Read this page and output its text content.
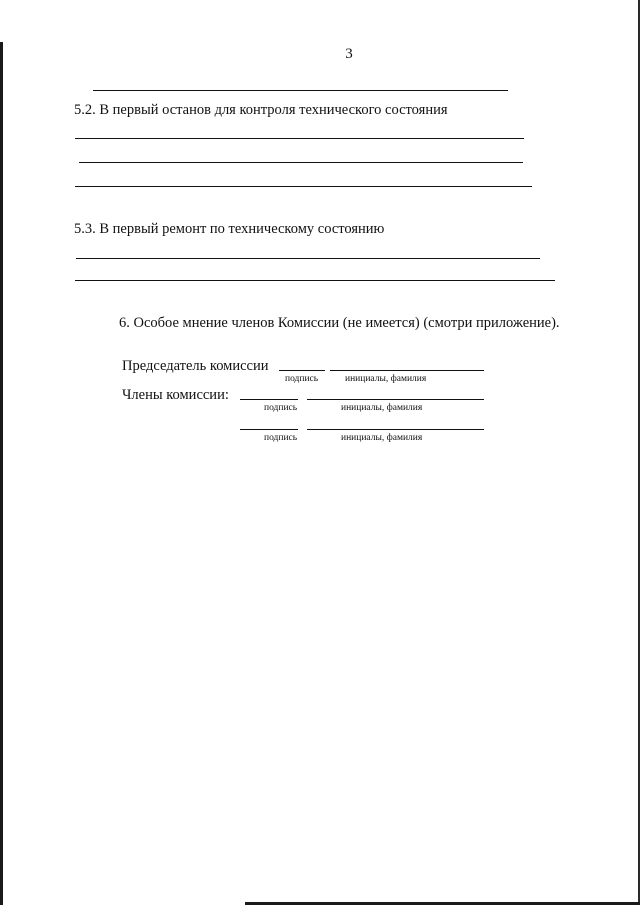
3
5.2. В первый останов для контроля технического состояния
5.3. В первый ремонт по техническому состоянию
6. Особое мнение членов Комиссии (не имеется) (смотри приложение).
Председатель комиссии
подпись	инициалы, фамилия
Члены комиссии:
подпись	инициалы, фамилия
подпись	инициалы, фамилия
